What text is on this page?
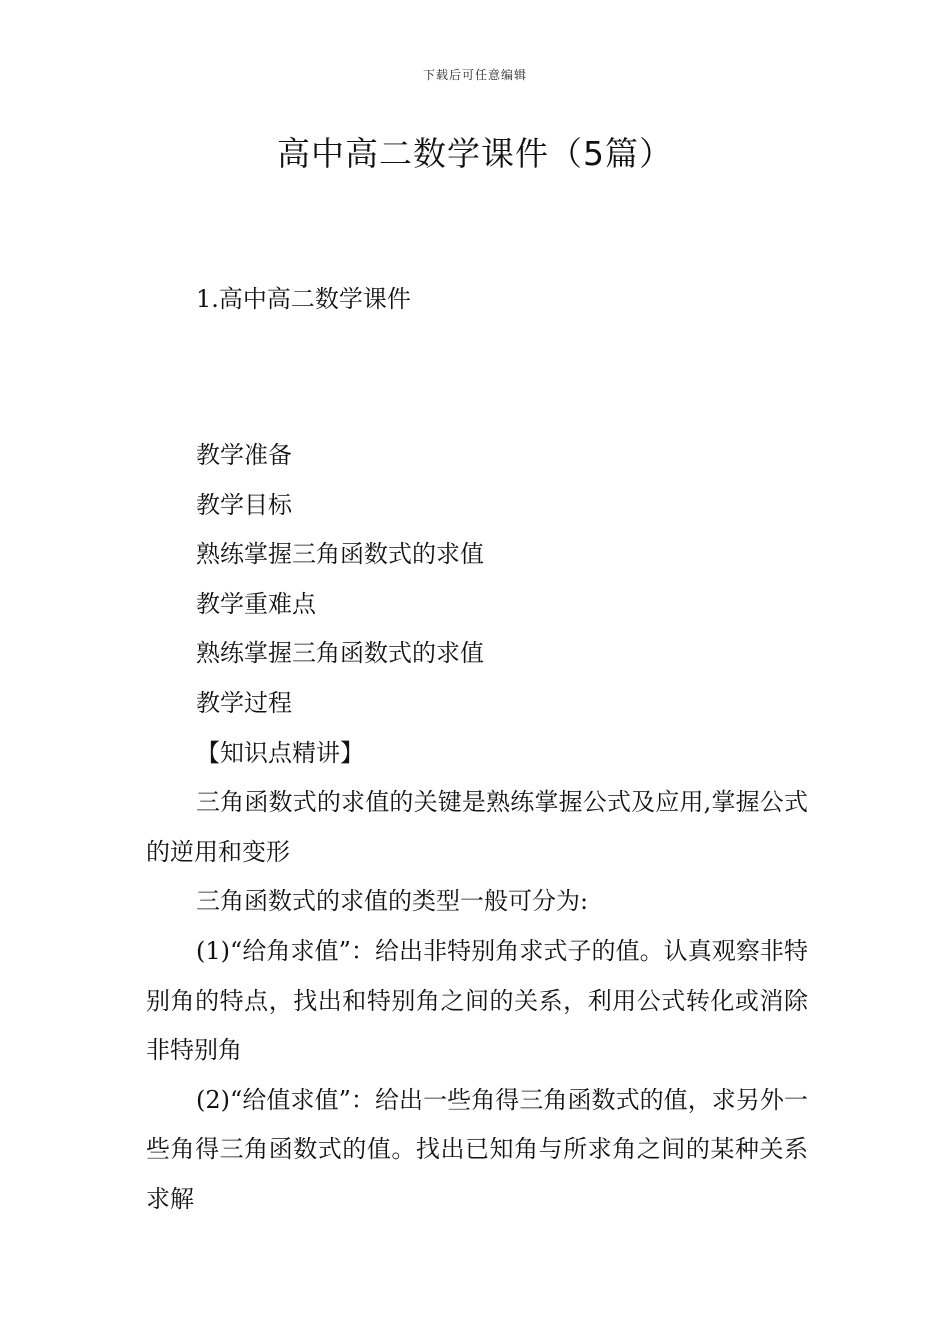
下载后可任意编辑
高中高二数学课件（5篇）
1.高中高二数学课件

教学准备

教学目标

熟练掌握三角函数式的求值

教学重难点

熟练掌握三角函数式的求值

教学过程

【知识点精讲】

三角函数式的求值的关键是熟练掌握公式及应用,掌握公式的逆用和变形

三角函数式的求值的类型一般可分为:

(1)“给角求值”：给出非特别角求式子的值。认真观察非特别角的特点，找出和特别角之间的关系，利用公式转化或消除非特别角

(2)“给值求值”：给出一些角得三角函数式的值，求另外一些角得三角函数式的值。找出已知角与所求角之间的某种关系求解
